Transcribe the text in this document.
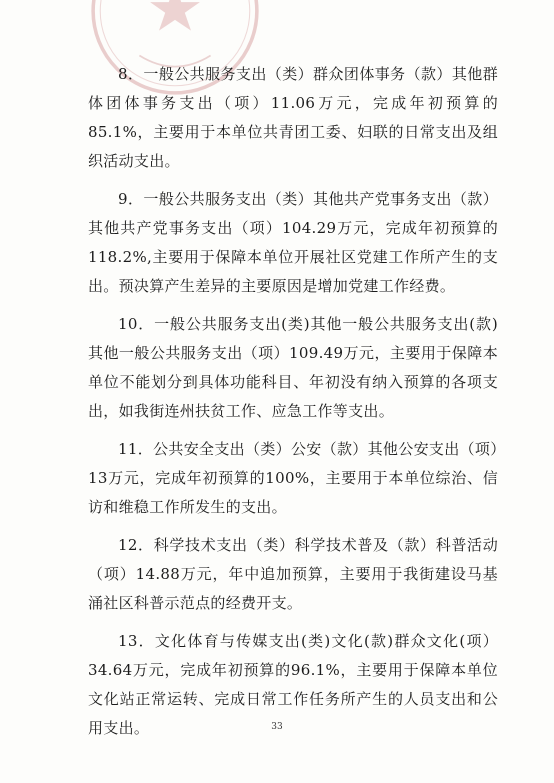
8．一般公共服务支出（类）群众团体事务（款）其他群体团体事务支出（项）11.06万元，完成年初预算的85.1%，主要用于本单位共青团工委、妇联的日常支出及组织活动支出。

9．一般公共服务支出（类）其他共产党事务支出（款）其他共产党事务支出（项）104.29万元，完成年初预算的118.2%,主要用于保障本单位开展社区党建工作所产生的支出。预决算产生差异的主要原因是增加党建工作经费。

10．一般公共服务支出(类)其他一般公共服务支出(款)其他一般公共服务支出（项）109.49万元，主要用于保障本单位不能划分到具体功能科目、年初没有纳入预算的各项支出，如我街连州扶贫工作、应急工作等支出。

11．公共安全支出（类）公安（款）其他公安支出（项）13万元，完成年初预算的100%，主要用于本单位综治、信访和维稳工作所发生的支出。

12．科学技术支出（类）科学技术普及（款）科普活动（项）14.88万元，年中追加预算，主要用于我街建设马基涌社区科普示范点的经费开支。

13．文化体育与传媒支出(类)文化(款)群众文化(项）34.64万元，完成年初预算的96.1%，主要用于保障本单位文化站正常运转、完成日常工作任务所产生的人员支出和公用支出。	33
